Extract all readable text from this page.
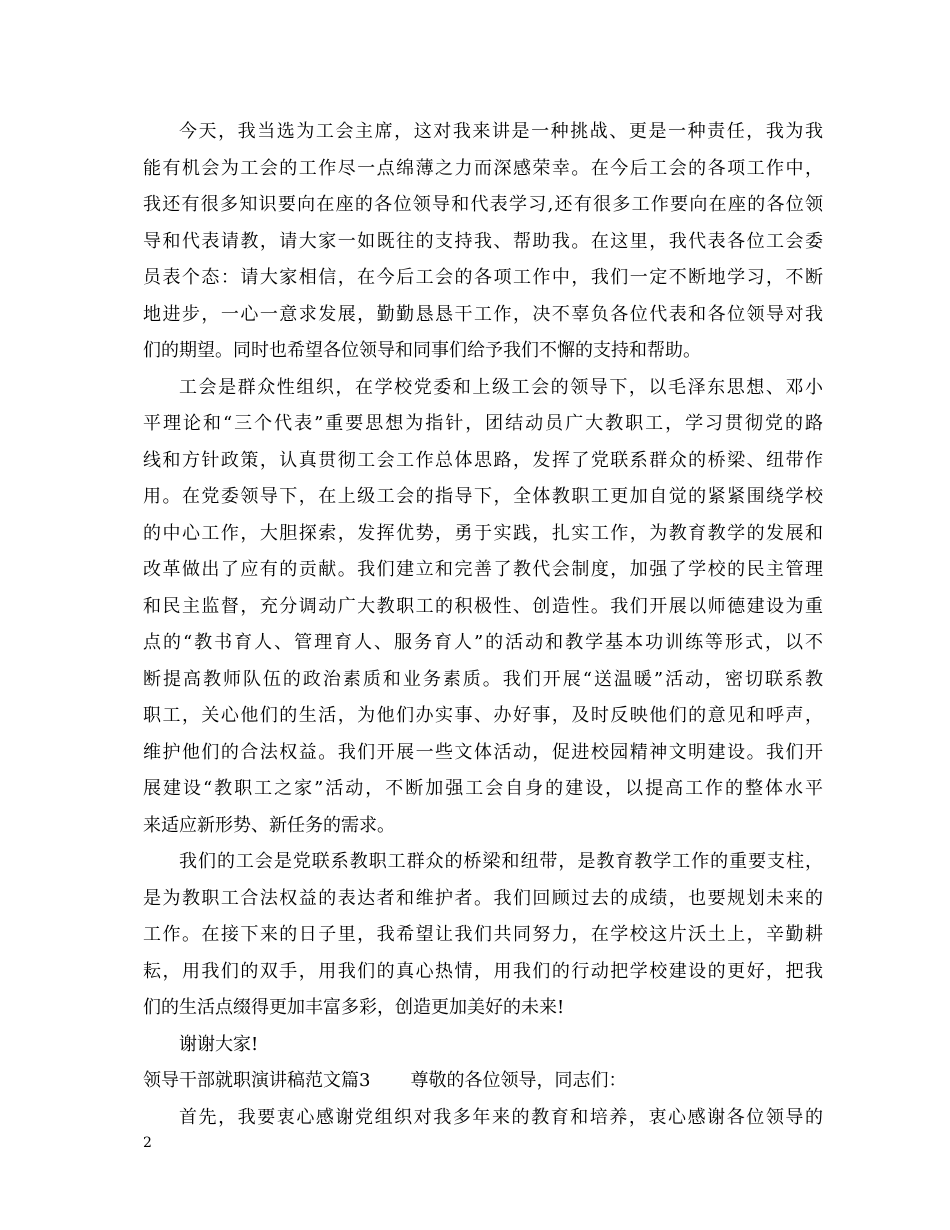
今天，我当选为工会主席，这对我来讲是一种挑战、更是一种责任，我为我
能有机会为工会的工作尽一点绵薄之力而深感荣幸。在今后工会的各项工作中，
我还有很多知识要向在座的各位领导和代表学习,还有很多工作要向在座的各位领
导和代表请教，请大家一如既往的支持我、帮助我。在这里，我代表各位工会委
员表个态：请大家相信，在今后工会的各项工作中，我们一定不断地学习，不断
地进步，一心一意求发展，勤勤恳恳干工作，决不辜负各位代表和各位领导对我
们的期望。同时也希望各位领导和同事们给予我们不懈的支持和帮助。
工会是群众性组织，在学校党委和上级工会的领导下，以毛泽东思想、邓小
平理论和“三个代表”重要思想为指针，团结动员广大教职工，学习贯彻党的路
线和方针政策，认真贯彻工会工作总体思路，发挥了党联系群众的桥梁、纽带作
用。在党委领导下，在上级工会的指导下，全体教职工更加自觉的紧紧围绕学校
的中心工作，大胆探索，发挥优势，勇于实践，扎实工作，为教育教学的发展和
改革做出了应有的贡献。我们建立和完善了教代会制度，加强了学校的民主管理
和民主监督，充分调动广大教职工的积极性、创造性。我们开展以师德建设为重
点的“教书育人、管理育人、服务育人”的活动和教学基本功训练等形式，以不
断提高教师队伍的政治素质和业务素质。我们开展“送温暖”活动，密切联系教
职工，关心他们的生活，为他们办实事、办好事，及时反映他们的意见和呼声，
维护他们的合法权益。我们开展一些文体活动，促进校园精神文明建设。我们开
展建设“教职工之家”活动，不断加强工会自身的建设，以提高工作的整体水平
来适应新形势、新任务的需求。
我们的工会是党联系教职工群众的桥梁和纽带，是教育教学工作的重要支柱，
是为教职工合法权益的表达者和维护者。我们回顾过去的成绩，也要规划未来的
工作。在接下来的日子里，我希望让我们共同努力，在学校这片沃土上，辛勤耕
耘，用我们的双手，用我们的真心热情，用我们的行动把学校建设的更好，把我
们的生活点缀得更加丰富多彩，创造更加美好的未来!
谢谢大家!
领导干部就职演讲稿范文篇3 尊敬的各位领导，同志们：
首先，我要衷心感谢党组织对我多年来的教育和培养，衷心感谢各位领导的
2
